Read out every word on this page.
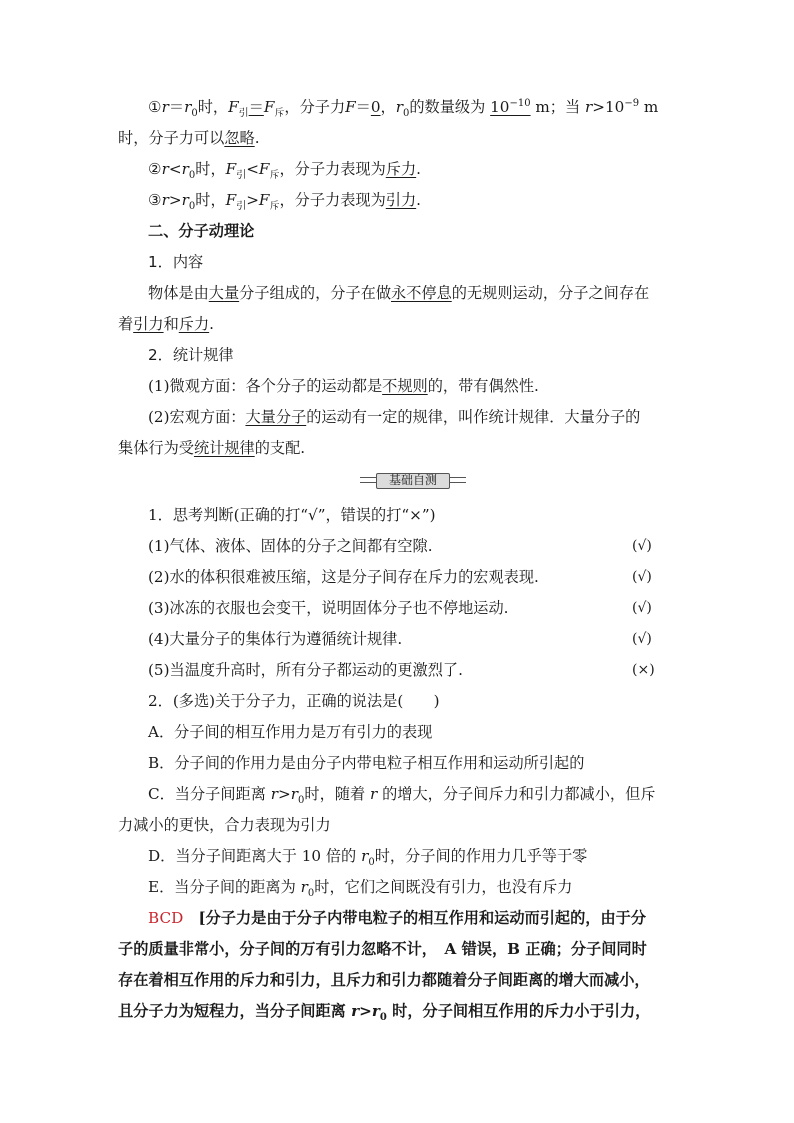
$①r=r_0$时，$F_引=F_斥$，分子力F＝0，$r_0$的数量级为 $10^{-10}$ m；当 $r>10^{-9}$ m
时，分子力可以忽略.
$②r<r_0$时，$F_引<F_斥$，分子力表现为斥力.
$③r>r_0$时，$F_引>F_斥$，分子力表现为引力.
二、分子动理论
1．内容
物体是由大量分子组成的，分子在做永不停息的无规则运动，分子之间存在
着引力和斥力.
2．统计规律
(1)微观方面：各个分子的运动都是不规则的，带有偶然性.
(2)宏观方面：大量分子的运动有一定的规律，叫作统计规律．大量分子的
集体行为受统计规律的支配.
基础自测
1．思考判断(正确的打“√”，错误的打“×”)
(1)气体、液体、固体的分子之间都有空隙.	(√)
(2)水的体积很难被压缩，这是分子间存在斥力的宏观表现.	(√)
(3)冰冻的衣服也会变干，说明固体分子也不停地运动.	(√)
(4)大量分子的集体行为遵循统计规律.	(√)
(5)当温度升高时，所有分子都运动的更激烈了.	(×)
2．(多选)关于分子力，正确的说法是(　　)
A．分子间的相互作用力是万有引力的表现
B．分子间的作用力是由分子内带电粒子相互作用和运动所引起的
C．当分子间距离 $r>r_0$时，随着 r 的增大，分子间斥力和引力都减小，但斥
力减小的更快，合力表现为引力
D．当分子间距离大于 10 倍的 $r_0$时，分子间的作用力几乎等于零
E．当分子间的距离为 $r_0$时，它们之间既没有引力，也没有斥力
BCD　[分子力是由于分子内带电粒子的相互作用和运动而引起的，由于分
子的质量非常小，分子间的万有引力忽略不计，　A 错误，B 正确；分子间同时
存在着相互作用的斥力和引力，且斥力和引力都随着分子间距离的增大而减小，
且分子力为短程力，当分子间距离 $r>r_0$ 时，分子间相互作用的斥力小于引力，
